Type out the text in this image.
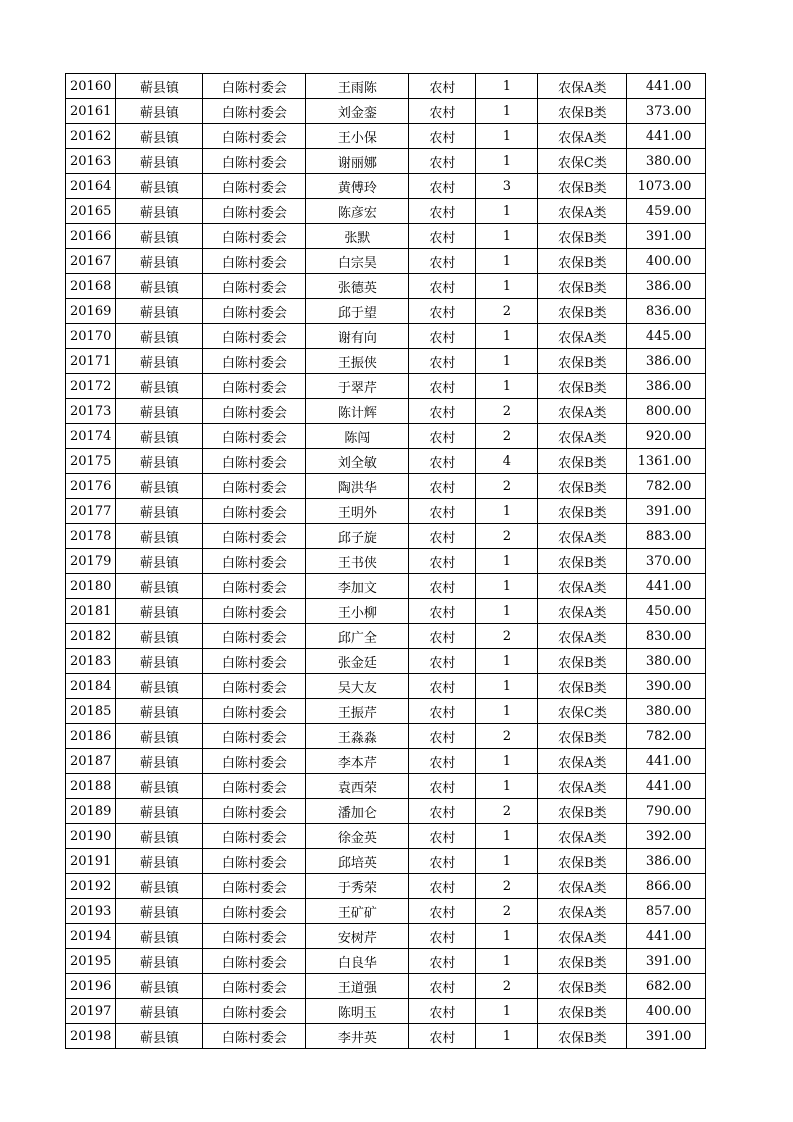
20160	蕲县镇	白陈村委会	王雨陈	农村	1	农保A类	441.00
20161	蕲县镇	白陈村委会	刘金銮	农村	1	农保B类	373.00
20162	蕲县镇	白陈村委会	王小保	农村	1	农保A类	441.00
20163	蕲县镇	白陈村委会	谢丽娜	农村	1	农保C类	380.00
20164	蕲县镇	白陈村委会	黄傅玲	农村	3	农保B类	1073.00
20165	蕲县镇	白陈村委会	陈彦宏	农村	1	农保A类	459.00
20166	蕲县镇	白陈村委会	张默	农村	1	农保B类	391.00
20167	蕲县镇	白陈村委会	白宗昊	农村	1	农保B类	400.00
20168	蕲县镇	白陈村委会	张德英	农村	1	农保B类	386.00
20169	蕲县镇	白陈村委会	邱于望	农村	2	农保B类	836.00
20170	蕲县镇	白陈村委会	谢有向	农村	1	农保A类	445.00
20171	蕲县镇	白陈村委会	王振侠	农村	1	农保B类	386.00
20172	蕲县镇	白陈村委会	于翠芹	农村	1	农保B类	386.00
20173	蕲县镇	白陈村委会	陈计辉	农村	2	农保A类	800.00
20174	蕲县镇	白陈村委会	陈闯	农村	2	农保A类	920.00
20175	蕲县镇	白陈村委会	刘全敏	农村	4	农保B类	1361.00
20176	蕲县镇	白陈村委会	陶洪华	农村	2	农保B类	782.00
20177	蕲县镇	白陈村委会	王明外	农村	1	农保B类	391.00
20178	蕲县镇	白陈村委会	邱子旋	农村	2	农保A类	883.00
20179	蕲县镇	白陈村委会	王书侠	农村	1	农保B类	370.00
20180	蕲县镇	白陈村委会	李加文	农村	1	农保A类	441.00
20181	蕲县镇	白陈村委会	王小柳	农村	1	农保A类	450.00
20182	蕲县镇	白陈村委会	邱广全	农村	2	农保A类	830.00
20183	蕲县镇	白陈村委会	张金廷	农村	1	农保B类	380.00
20184	蕲县镇	白陈村委会	吴大友	农村	1	农保B类	390.00
20185	蕲县镇	白陈村委会	王振芹	农村	1	农保C类	380.00
20186	蕲县镇	白陈村委会	王淼淼	农村	2	农保B类	782.00
20187	蕲县镇	白陈村委会	李本芹	农村	1	农保A类	441.00
20188	蕲县镇	白陈村委会	袁西荣	农村	1	农保A类	441.00
20189	蕲县镇	白陈村委会	潘加仑	农村	2	农保B类	790.00
20190	蕲县镇	白陈村委会	徐金英	农村	1	农保A类	392.00
20191	蕲县镇	白陈村委会	邱培英	农村	1	农保B类	386.00
20192	蕲县镇	白陈村委会	于秀荣	农村	2	农保A类	866.00
20193	蕲县镇	白陈村委会	王矿矿	农村	2	农保A类	857.00
20194	蕲县镇	白陈村委会	安树芹	农村	1	农保A类	441.00
20195	蕲县镇	白陈村委会	白良华	农村	1	农保B类	391.00
20196	蕲县镇	白陈村委会	王道强	农村	2	农保B类	682.00
20197	蕲县镇	白陈村委会	陈明玉	农村	1	农保B类	400.00
20198	蕲县镇	白陈村委会	李井英	农村	1	农保B类	391.00
